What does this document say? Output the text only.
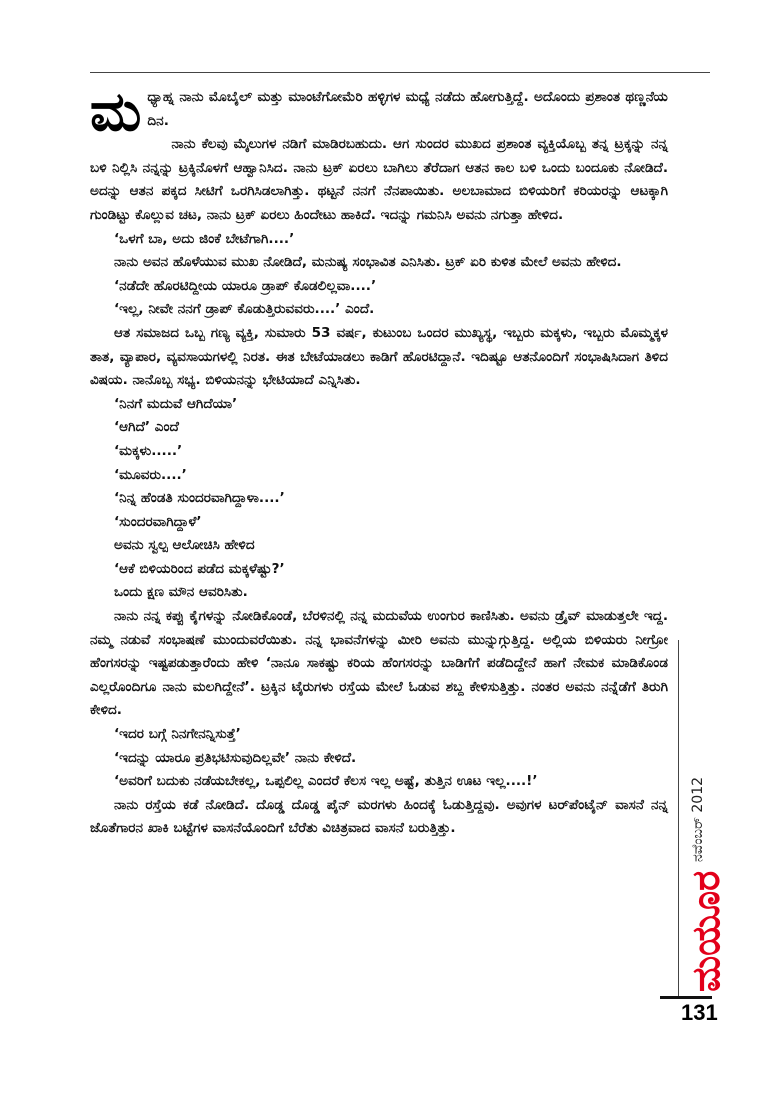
ಮಧ್ಯಾಹ್ನ ನಾನು ಮೊಬೈಲ್ ಮತ್ತು ಮಾಂಟೆಗೋಮೆರಿ ಹಳ್ಳಿಗಳ ಮಧ್ಯೆ ನಡೆದು ಹೋಗುತ್ತಿದ್ದೆ. ಅದೊಂದು ಪ್ರಶಾಂತ ಥಣ್ಣನೆಯ ದಿನ.

ನಾನು ಕೆಲವು ಮೈಲುಗಳ ನಡಿಗೆ ಮಾಡಿರಬಹುದು. ಆಗ ಸುಂದರ ಮುಖದ ಪ್ರಶಾಂತ ವ್ಯಕ್ತಿಯೊಬ್ಬ ತನ್ನ ಟ್ರಕ್ಕನ್ನು ನನ್ನ ಬಳಿ ನಿಲ್ಲಿಸಿ ನನ್ನನ್ನು ಟ್ರಕ್ಕಿನೊಳಗೆ ಆಹ್ವಾನಿಸಿದ. ನಾನು ಟ್ರಕ್ ಏರಲು ಬಾಗಿಲು ತೆರೆದಾಗ ಆತನ ಕಾಲ ಬಳಿ ಒಂದು ಬಂದೂಕು ನೋಡಿದೆ. ಅದನ್ನು ಆತನ ಪಕ್ಕದ ಸೀಟಿಗೆ ಒರಗಿಸಿಡಲಾಗಿತ್ತು. ಥಟ್ಟನೆ ನನಗೆ ನೆನಪಾಯಿತು. ಅಲಬಾಮಾದ ಬಿಳಿಯರಿಗೆ ಕರಿಯರನ್ನು ಆಟಕ್ಕಾಗಿ ಗುಂಡಿಟ್ಟು ಕೊಲ್ಲುವ ಚಟ, ನಾನು ಟ್ರಕ್ ಏರಲು ಹಿಂದೇಟು ಹಾಕಿದೆ. ಇದನ್ನು ಗಮನಿಸಿ ಅವನು ನಗುತ್ತಾ ಹೇಳಿದ.

‘ಒಳಗೆ ಬಾ, ಅದು ಜಿಂಕೆ ಬೇಟೆಗಾಗಿ....’

ನಾನು ಅವನ ಹೊಳೆಯುವ ಮುಖ ನೋಡಿದೆ, ಮನುಷ್ಯ ಸಂಭಾವಿತ ಎನಿಸಿತು. ಟ್ರಕ್ ಏರಿ ಕುಳಿತ ಮೇಲೆ ಅವನು ಹೇಳಿದ.

‘ನಡೆದೇ ಹೊರಟಿದ್ದೀಯ ಯಾರೂ ಡ್ರಾಪ್ ಕೊಡಲಿಲ್ಲವಾ....’

‘ಇಲ್ಲ, ನೀವೇ ನನಗೆ ಡ್ರಾಪ್ ಕೊಡುತ್ತಿರುವವರು....’ ಎಂದೆ.

ಆತ ಸಮಾಜದ ಒಬ್ಬ ಗಣ್ಯ ವ್ಯಕ್ತಿ, ಸುಮಾರು 53 ವರ್ಷ, ಕುಟುಂಬ ಒಂದರ ಮುಖ್ಯಸ್ಥ, ಇಬ್ಬರು ಮಕ್ಕಳು, ಇಬ್ಬರು ಮೊಮ್ಮಕ್ಕಳ ತಾತ, ವ್ಯಾಪಾರ, ವ್ಯವಸಾಯಗಳಲ್ಲಿ ನಿರತ. ಈತ ಬೇಟೆಯಾಡಲು ಕಾಡಿಗೆ ಹೊರಟಿದ್ದಾನೆ. ಇದಿಷ್ಟೂ ಆತನೊಂದಿಗೆ ಸಂಭಾಷಿಸಿದಾಗ ತಿಳಿದ ವಿಷಯ. ನಾನೊಬ್ಬ ಸಭ್ಯ. ಬಿಳಿಯನನ್ನು ಭೇಟಿಯಾದೆ ಎನ್ನಿಸಿತು.

‘ನಿನಗೆ ಮದುವೆ ಆಗಿದೆಯಾ’

‘ಆಗಿದೆ’ ಎಂದೆ

‘ಮಕ್ಕಳು.....’

‘ಮೂವರು....’

‘ನಿನ್ನ ಹೆಂಡತಿ ಸುಂದರವಾಗಿದ್ದಾಳಾ....’

‘ಸುಂದರವಾಗಿದ್ದಾಳೆ’

ಅವನು ಸ್ವಲ್ಪ ಆಲೋಚಿಸಿ ಹೇಳಿದ

‘ಆಕೆ ಬಿಳಿಯರಿಂದ ಪಡೆದ ಮಕ್ಕಳೆಷ್ಟು?’

ಒಂದು ಕ್ಷಣ ಮೌನ ಆವರಿಸಿತು.

ನಾನು ನನ್ನ ಕಪ್ಪು ಕೈಗಳನ್ನು ನೋಡಿಕೊಂಡೆ, ಬೆರಳಿನಲ್ಲಿ ನನ್ನ ಮದುವೆಯ ಉಂಗುರ ಕಾಣಿಸಿತು. ಅವನು ಡ್ರೈವ್ ಮಾಡುತ್ತಲೇ ಇದ್ದ. ನಮ್ಮ ನಡುವೆ ಸಂಭಾಷಣೆ ಮುಂದುವರೆಯಿತು. ನನ್ನ ಭಾವನೆಗಳನ್ನು ಮೀರಿ ಅವನು ಮುನ್ನುಗ್ಗುತ್ತಿದ್ದ. ಅಲ್ಲಿಯ ಬಿಳಿಯರು ನೀಗ್ರೋ ಹೆಂಗಸರನ್ನು ಇಷ್ಟಪಡುತ್ತಾರೆಂದು ಹೇಳಿ ‘ನಾನೂ ಸಾಕಷ್ಟು ಕರಿಯ ಹೆಂಗಸರನ್ನು ಬಾಡಿಗೆಗೆ ಪಡೆದಿದ್ದೇನೆ ಹಾಗೆ ನೇಮಕ ಮಾಡಿಕೊಂಡ ಎಲ್ಲರೊಂದಿಗೂ ನಾನು ಮಲಗಿದ್ದೇನೆ’. ಟ್ರಕ್ಕಿನ ಟೈರುಗಳು ರಸ್ತೆಯ ಮೇಲೆ ಓಡುವ ಶಬ್ದ ಕೇಳಿಸುತ್ತಿತ್ತು. ನಂತರ ಅವನು ನನ್ನೆಡೆಗೆ ತಿರುಗಿ ಕೇಳಿದ.

‘ಇದರ ಬಗ್ಗೆ ನಿನಗೇನನ್ನಿಸುತ್ತೆ’

‘ಇದನ್ನು ಯಾರೂ ಪ್ರತಿಭಟಿಸುವುದಿಲ್ಲವೇ’ ನಾನು ಕೇಳಿದೆ.

‘ಅವರಿಗೆ ಬದುಕು ನಡೆಯಬೇಕಲ್ಲ, ಒಪ್ಪಲಿಲ್ಲ ಎಂದರೆ ಕೆಲಸ ಇಲ್ಲ ಅಷ್ಟೆ, ತುತ್ತಿನ ಊಟ ಇಲ್ಲ....!’

ನಾನು ರಸ್ತೆಯ ಕಡೆ ನೋಡಿದೆ. ದೊಡ್ಡ ದೊಡ್ಡ ಪೈನ್ ಮರಗಳು ಹಿಂದಕ್ಕೆ ಓಡುತ್ತಿದ್ದವು. ಅವುಗಳ ಟರ್‌ಪೆಂಟೈನ್ ವಾಸನೆ ನನ್ನ ಜೊತೆಗಾರನ ಖಾಕಿ ಬಟ್ಟೆಗಳ ವಾಸನೆಯೊಂದಿಗೆ ಬೆರೆತು ವಿಚಿತ್ರವಾದ ವಾಸನೆ ಬರುತ್ತಿತ್ತು.	ನವೆಂಬರ್ 2012
ಮಯೂರ
131
